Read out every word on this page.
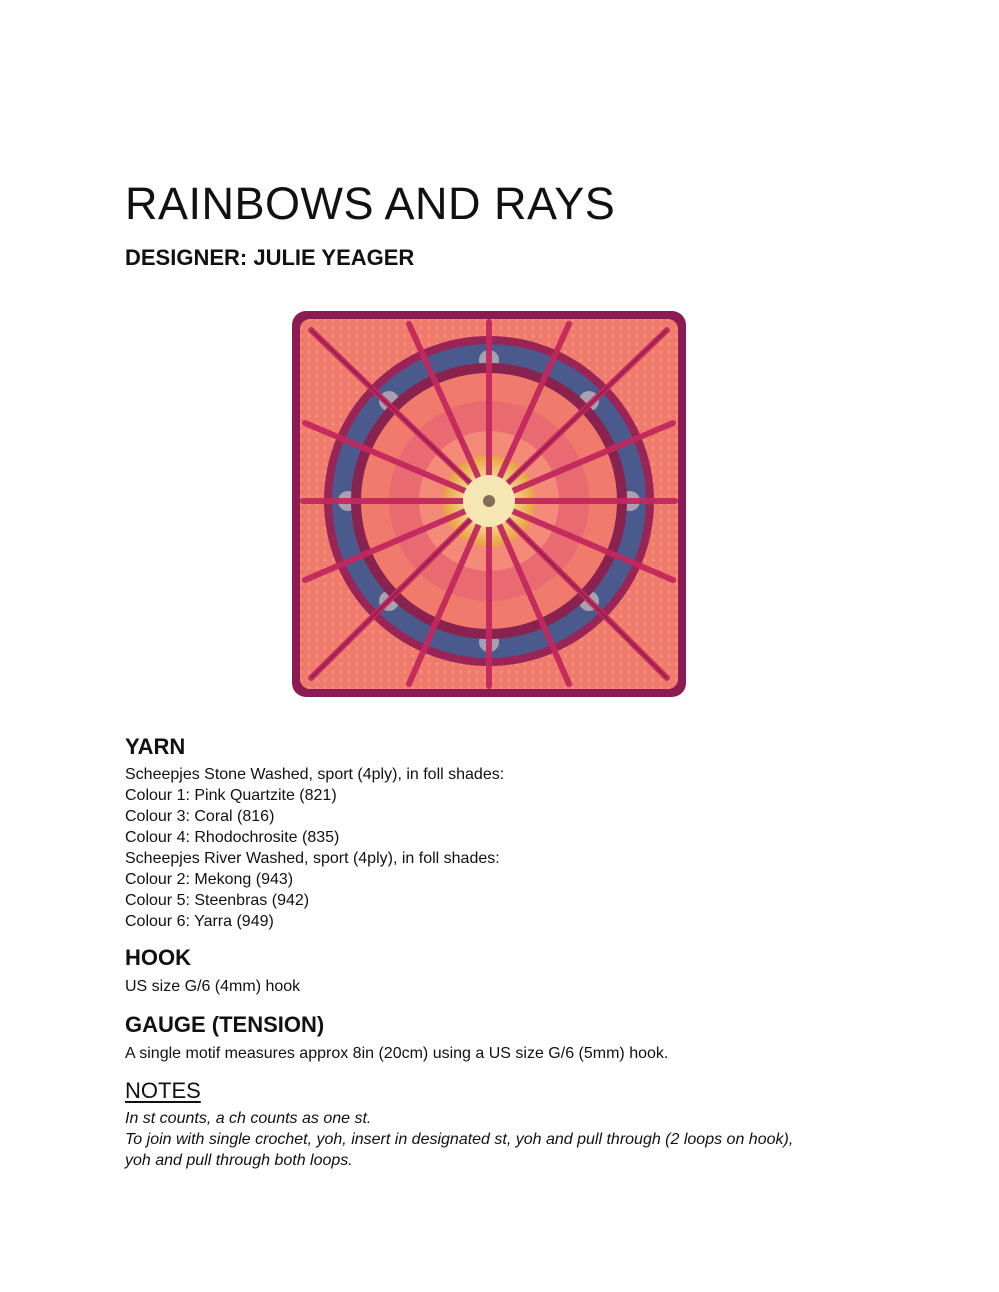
RAINBOWS AND RAYS
DESIGNER: JULIE YEAGER
YARN

Scheepjes Stone Washed, sport (4ply), in foll shades:

Colour 1: Pink Quartzite (821)

Colour 3: Coral (816)

Colour 4: Rhodochrosite (835)

Scheepjes River Washed, sport (4ply), in foll shades:

Colour 2: Mekong (943)

Colour 5: Steenbras (942)

Colour 6: Yarra (949)

HOOK

US size G/6 (4mm) hook

GAUGE (TENSION)

A single motif measures approx 8in (20cm) using a US size G/6 (5mm) hook.

NOTES

In st counts, a ch counts as one st.

To join with single crochet, yoh, insert in designated st, yoh and pull through (2 loops on hook),

yoh and pull through both loops.
